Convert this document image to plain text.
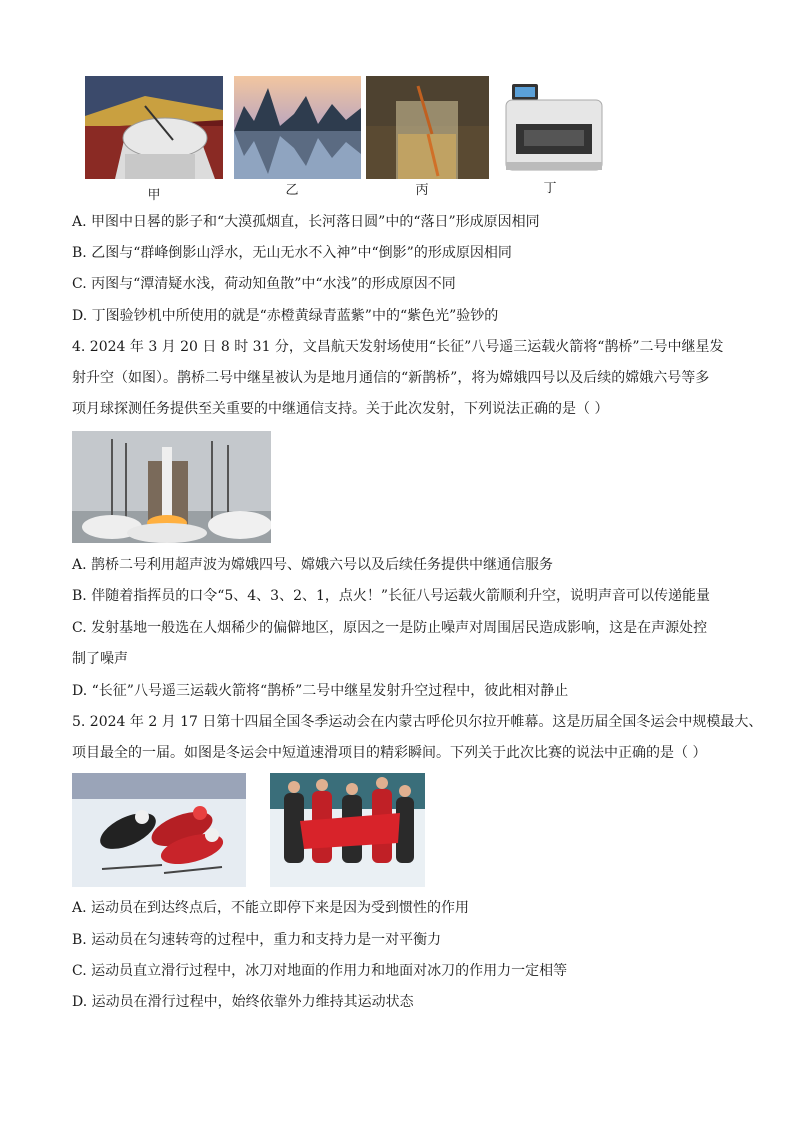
甲	乙	丙	丁
A. 甲图中日晷的影子和“大漠孤烟直，长河落日圆”中的“落日”形成原因相同
B. 乙图与“群峰倒影山浮水，无山无水不入神”中“倒影”的形成原因相同
C. 丙图与“潭清疑水浅，荷动知鱼散”中“水浅”的形成原因不同
D. 丁图验钞机中所使用的就是“赤橙黄绿青蓝紫”中的“紫色光”验钞的
4. 2024 年 3 月 20 日 8 时 31 分，文昌航天发射场使用“长征”八号遥三运载火箭将“鹊桥”二号中继星发
射升空（如图）。鹊桥二号中继星被认为是地月通信的“新鹊桥”，将为嫦娥四号以及后续的嫦娥六号等多
项月球探测任务提供至关重要的中继通信支持。关于此次发射，下列说法正确的是（ ）
A. 鹊桥二号利用超声波为嫦娥四号、嫦娥六号以及后续任务提供中继通信服务
B. 伴随着指挥员的口令“5、4、3、2、1，点火！”长征八号运载火箭顺利升空，说明声音可以传递能量
C. 发射基地一般选在人烟稀少的偏僻地区，原因之一是防止噪声对周围居民造成影响，这是在声源处控
制了噪声
D. “长征”八号遥三运载火箭将“鹊桥”二号中继星发射升空过程中，彼此相对静止
5. 2024 年 2 月 17 日第十四届全国冬季运动会在内蒙古呼伦贝尔拉开帷幕。这是历届全国冬运会中规模最大、
项目最全的一届。如图是冬运会中短道速滑项目的精彩瞬间。下列关于此次比赛的说法中正确的是（ ）
A. 运动员在到达终点后，不能立即停下来是因为受到惯性的作用
B. 运动员在匀速转弯的过程中，重力和支持力是一对平衡力
C. 运动员直立滑行过程中，冰刀对地面的作用力和地面对冰刀的作用力一定相等
D. 运动员在滑行过程中，始终依靠外力维持其运动状态
